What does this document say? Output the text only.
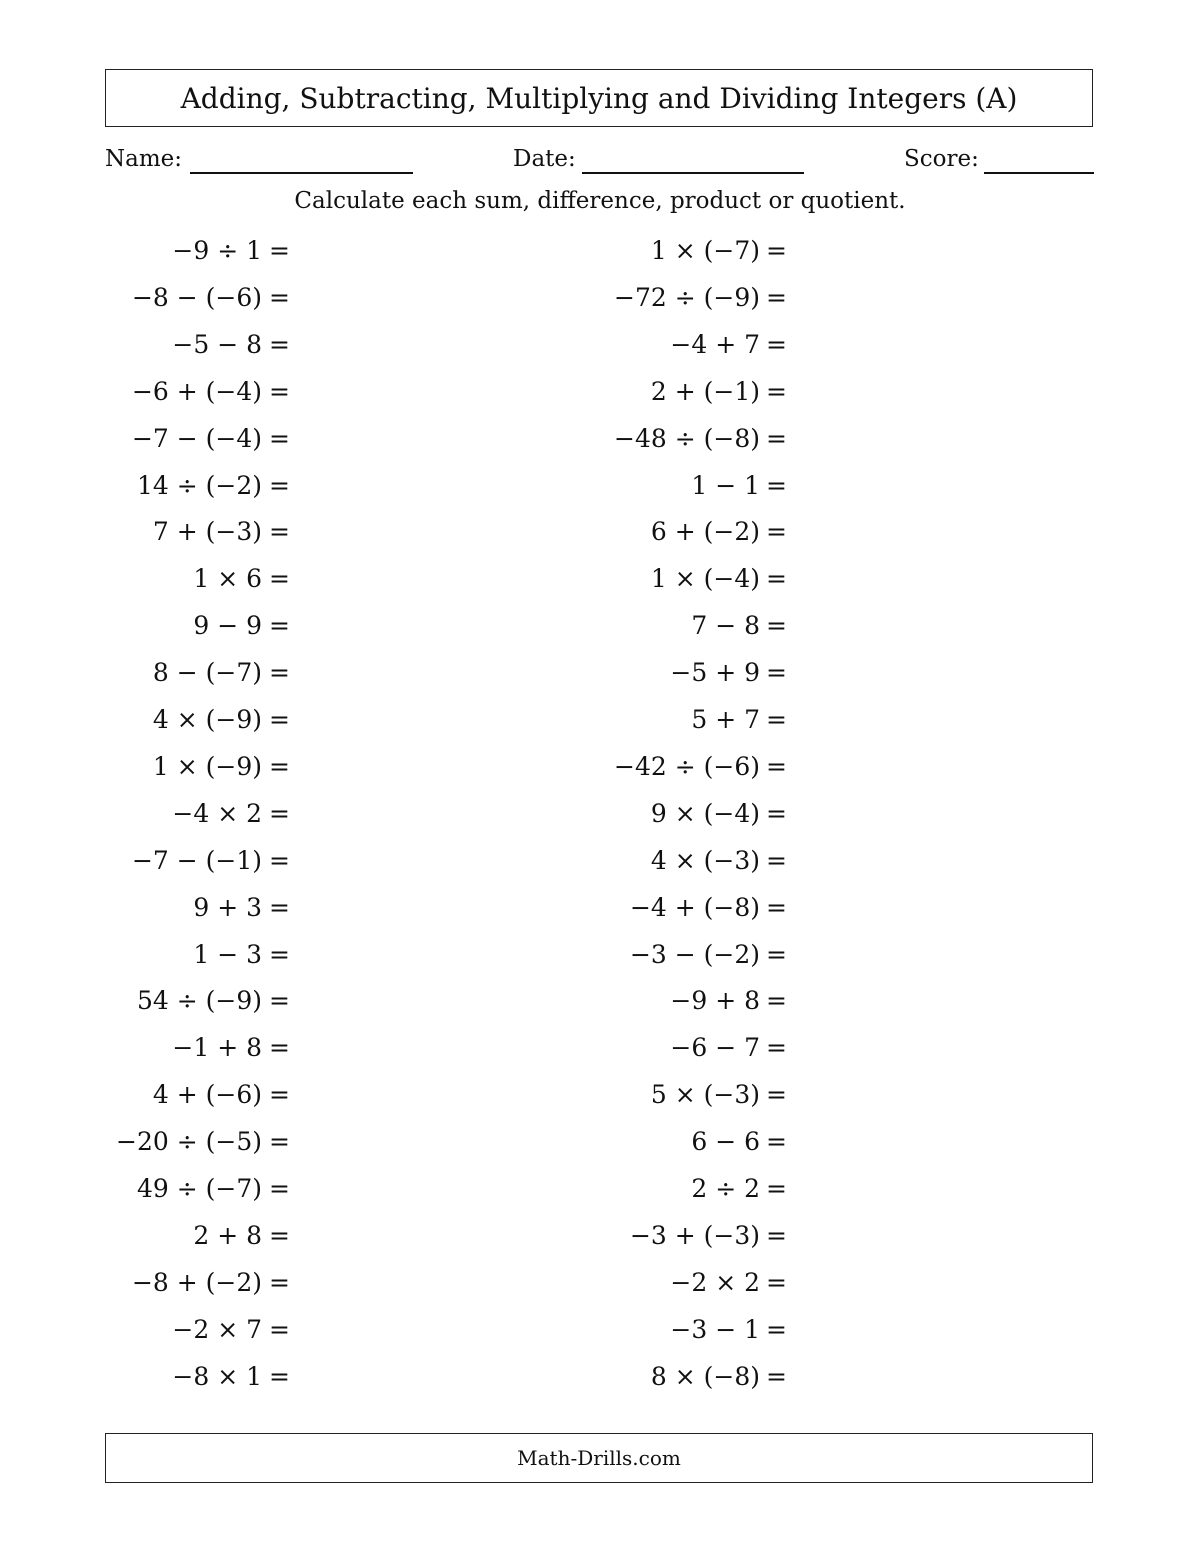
Adding, Subtracting, Multiplying and Dividing Integers (A)
Name:	Date:	Score:
Calculate each sum, difference, product or quotient.
−9 ÷ 1 =
−8 − (−6) =
−5 − 8 =
−6 + (−4) =
−7 − (−4) =
14 ÷ (−2) =
7 + (−3) =
1 × 6 =
9 − 9 =
8 − (−7) =
4 × (−9) =
1 × (−9) =
−4 × 2 =
−7 − (−1) =
9 + 3 =
1 − 3 =
54 ÷ (−9) =
−1 + 8 =
4 + (−6) =
−20 ÷ (−5) =
49 ÷ (−7) =
2 + 8 =
−8 + (−2) =
−2 × 7 =
−8 × 1 =
1 × (−7) =
−72 ÷ (−9) =
−4 + 7 =
2 + (−1) =
−48 ÷ (−8) =
1 − 1 =
6 + (−2) =
1 × (−4) =
7 − 8 =
−5 + 9 =
5 + 7 =
−42 ÷ (−6) =
9 × (−4) =
4 × (−3) =
−4 + (−8) =
−3 − (−2) =
−9 + 8 =
−6 − 7 =
5 × (−3) =
6 − 6 =
2 ÷ 2 =
−3 + (−3) =
−2 × 2 =
−3 − 1 =
8 × (−8) =
Math-Drills.com
